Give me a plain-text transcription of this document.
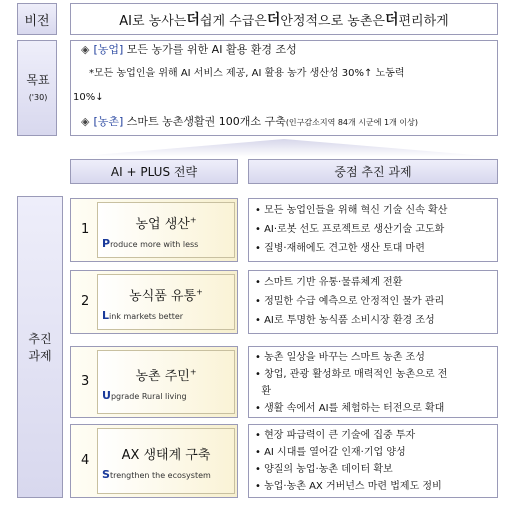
비전	AI로 농사는 더 쉽게 수급은 더 안정적으로 농촌은 더 편리하게
목표
('30)
◈ [농업] 모든 농가를 위한 AI 활용 환경 조성
*모든 농업인을 위해 AI 서비스 제공, AI 활용 농가 생산성 30%↑ 노동력
10%↓
◈ [농촌] 스마트 농촌생활권 100개소 구축(인구감소지역 84개 시군에 1개 이상)
AI + PLUS 전략	중점 추진 과제
추진
과제
1	농업 생산+
Produce more with less
• 모든 농업인들을 위해 혁신 기술 신속 확산
• AI·로봇 선도 프로젝트로 생산기술 고도화
• 질병·재해에도 견고한 생산 토대 마련
2	농식품 유통+
Link markets better
• 스마트 기반 유통·물류체계 전환
• 정밀한 수급 예측으로 안정적인 물가 관리
• AI로 투명한 농식품 소비시장 환경 조성
3	농촌 주민+
Upgrade Rural living
• 농촌 일상을 바꾸는 스마트 농촌 조성
• 창업, 관광 활성화로 매력적인 농촌으로 전
환
• 생활 속에서 AI를 체험하는 터전으로 확대
4	AX 생태계 구축
Strengthen the ecosystem
• 현장 파급력이 큰 기술에 집중 투자
• AI 시대를 열어갈 인재·기업 양성
• 양질의 농업·농촌 데이터 확보
• 농업·농촌 AX 거버넌스 마련 법제도 정비
